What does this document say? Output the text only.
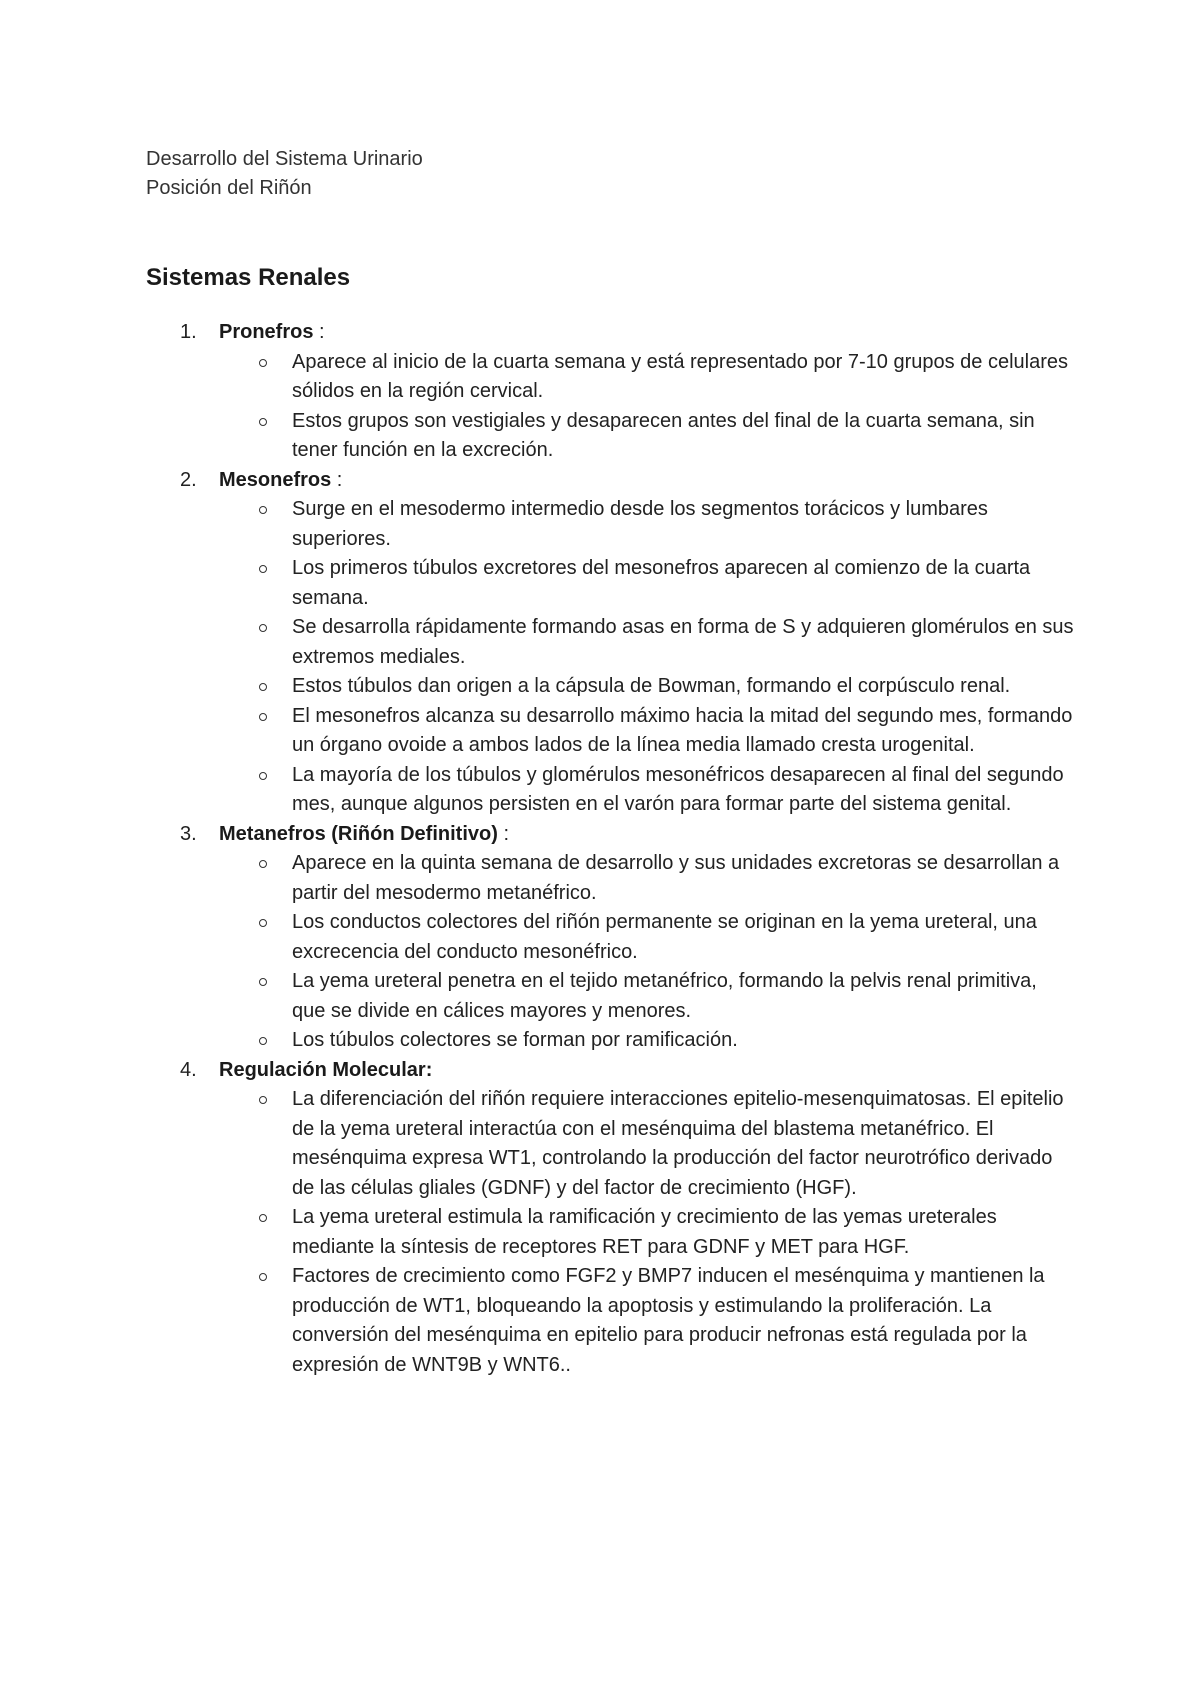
Desarrollo del Sistema Urinario
Posición del Riñón
Sistemas Renales
1.	Pronefros :
Aparece al inicio de la cuarta semana y está representado por 7-10 grupos de celulares sólidos en la región cervical.
Estos grupos son vestigiales y desaparecen antes del final de la cuarta semana, sin tener función en la excreción.
2.	Mesonefros :
Surge en el mesodermo intermedio desde los segmentos torácicos y lumbares superiores.
Los primeros túbulos excretores del mesonefros aparecen al comienzo de la cuarta semana.
Se desarrolla rápidamente formando asas en forma de S y adquieren glomérulos en sus extremos mediales.
Estos túbulos dan origen a la cápsula de Bowman, formando el corpúsculo renal.
El mesonefros alcanza su desarrollo máximo hacia la mitad del segundo mes, formando un órgano ovoide a ambos lados de la línea media llamado cresta urogenital.
La mayoría de los túbulos y glomérulos mesonéfricos desaparecen al final del segundo mes, aunque algunos persisten en el varón para formar parte del sistema genital.
3.	Metanefros (Riñón Definitivo) :
Aparece en la quinta semana de desarrollo y sus unidades excretoras se desarrollan a partir del mesodermo metanéfrico.
Los conductos colectores del riñón permanente se originan en la yema ureteral, una excrecencia del conducto mesonéfrico.
La yema ureteral penetra en el tejido metanéfrico, formando la pelvis renal primitiva, que se divide en cálices mayores y menores.
Los túbulos colectores se forman por ramificación.
4.	Regulación Molecular:
La diferenciación del riñón requiere interacciones epitelio-mesenquimatosas. El epitelio de la yema ureteral interactúa con el mesénquima del blastema metanéfrico. El mesénquima expresa WT1, controlando la producción del factor neurotrófico derivado de las células gliales (GDNF) y del factor de crecimiento (HGF).
La yema ureteral estimula la ramificación y crecimiento de las yemas ureterales mediante la síntesis de receptores RET para GDNF y MET para HGF.
Factores de crecimiento como FGF2 y BMP7 inducen el mesénquima y mantienen la producción de WT1, bloqueando la apoptosis y estimulando la proliferación. La conversión del mesénquima en epitelio para producir nefronas está regulada por la expresión de WNT9B y WNT6..
